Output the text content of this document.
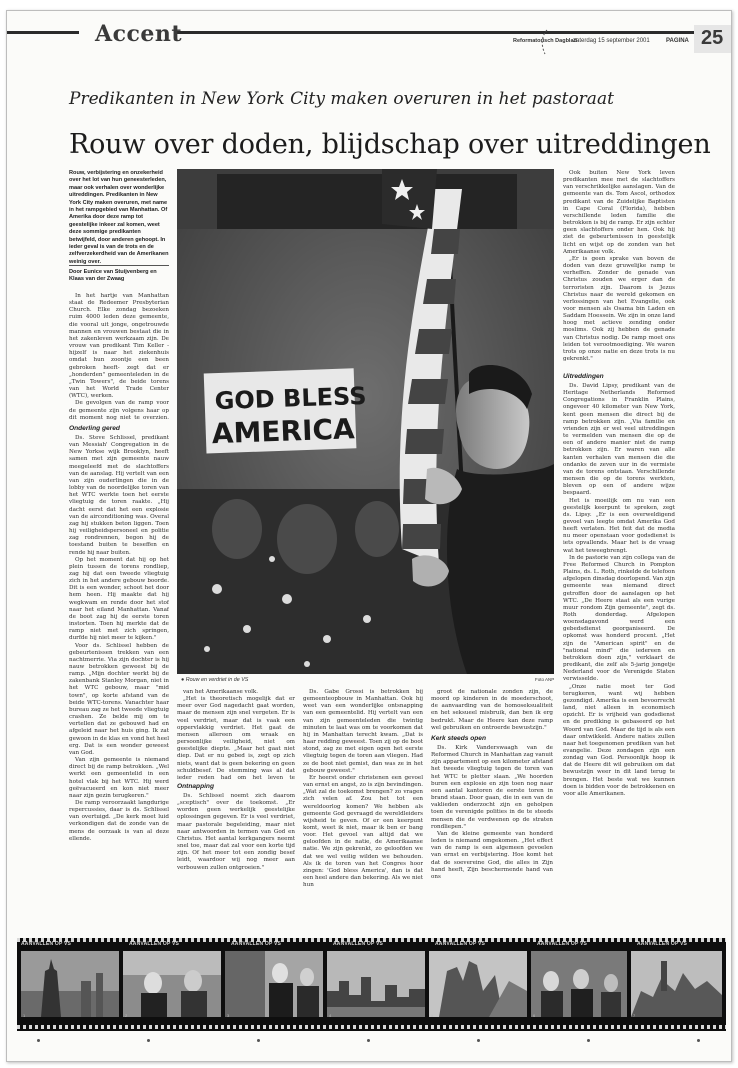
Accent	Reformatorisch Dagblad
zaterdag 15 september 2001	PAGINA 25
Predikanten in New York City maken overuren in het pastoraat
Rouw over doden, blijdschap over uitreddingen
Rouw, verbijstering en onzekerheid over het lot van hun geneesterleden, maar ook verhalen over wonderlijke uitreddingen. Predikanten in New York City maken overuren, met name in het rampgebied van Manhattan. Of Amerika door deze ramp tot geestelijke inkeer zal komen, weet deze sommige predikanten betwijfeld, door anderen gehoopt. In ieder geval is van de trots en de zelfverzekerdheid van de Amerikanen weinig over.
Door Eunice van Stuijvenberg en Klaas van der Zwaag

In het hartje van Manhattan staat de Redeemer Presbyterian Church. Elke zondag bezoeken ruim 4000 leden deze gemeente, die vooral uit jonge, ongetrouwde mannen en vrouwen bestaat die in het zakenleven werkzaam zijn. De vrouw van predikant Tim Keller -hijzelf is naar het ziekenhuis omdat hun zoontje een been gebroken heeft- zegt dat er „honderden" gemeenteleden in de „Twin Towers", de beide torens van het World Trade Center (WTC), werken.

De gevolgen van de ramp voor de gemeente zijn volgens haar op dit moment nog niet te overzien.

Onderling gered

Ds. Steve Schlissel, predikant van Messiah' Congregation in de New Yorkse wijk Brooklyn, heeft samen met zijn gemeente nauw meegeleefd met de slachtoffers van de aanslag. Hij vertelt van een van zijn ouderlingen die in de lobby van de noordelijke toren van het WTC werkte toen het eerste vliegtuig de toren raakte. „Hij dacht eerst dat het een explosie van de airconditioning was. Overal zag hij stukken beton liggen. Toen hij veiligheidspersoneel en politie zag rondrennen, begon hij de toestand buiten te beseffen en rende hij naar buiten.

Op het moment dat hij op het plein tussen de torens rondliep, zag hij dat een tweede vliegtuig zich in het andere gebouw boorde. Dit is een wonder, schoot het door hem heen. Hij maakte dat hij wegkwam en rende door het stof naar het eiland Manhattan. Vanaf de boot zag hij de eerste toren instorten. Toen hij merkte dat de ramp niet met zich springen, durfde hij niet meer te kijken."

Voor ds. Schlissel hebben de gebeurtenissen trekken van een nachtmerrie. Via zijn dochter is hij nauw betrokken geweest bij de ramp. „Mijn dochter werkt bij de zakenbank Stanley Morgan, niet in het WTC gebouw, maar "mid town", op korte afstand van de beide WTC-torens. Vanachter haar bureau zag ze het tweede vliegtuig crashen. Ze belde mij om te vertellen dat ze gebouwd had en afgeleid naar het huis ging. Ik zat gewoon in de klas en vond het heel erg. Dat is een wonder geweest van God.

Van zijn gemeente is niemand direct bij de ramp betrokken. „Wel werkt een gemeentelid in een hotel vlak bij het WTC. Hij werd geëvacueerd en kon niet meer naar zijn gezin terugkeren."

De ramp veroorzaakt langdurige repercussies, daar is ds. Schlissel van overtuigd. „De kerk moet luid verkondigen dat de zonde van de mens de oorzaak is van al deze ellende.

GOD BLESS
AMERICA
● Rouw en verdriet in de VS	Foto ANP

van het Amerikaanse volk.

„Het is theoretisch mogelijk dat er meer over God nagedacht gaat worden, maar de mensen zijn snel vergeten. Er is veel verdriet, maar dat is vaak een oppervlakkig verdriet. Het gaat de mensen allereen om wraak en persoonlijke veiligheid, niet om geestelijke diepte. „Maar het gaat niet diep. Dat er nu gebed is, zegt op zich niets, want dat is geen bekering en geen schuldbesef. De stemming was al dat ieder reden had om het leven te

Ontnapping

Ds. Schlissel noemt zich daarom „sceptisch" over de toekomst. „Er worden geen werkelijk geestelijke oplossingen gegeven. Er is veel verdriet, maar pastorale begeleiding, maar niet naar antwoorden in termen van God en Christus. Het aantal kerkgangers neemt snel toe, maar dat zal voor een korte tijd zijn. Of het meer tot een zondig besef leidt, waardoor wij nog meer aan verbouwen zullen ontgroeien."

Ds. Gabe Grossi is betrokken bij gemeenteopbouw in Manhattan. Ook hij weet van een wonderlijke ontsnapping van een gemeentelid. Hij vertelt van een van zijn gemeenteleden die twintig minuten te laat was om te voorkomen dat hij in Manhattan terecht kwam. „Dat is haar redding geweest. Toen zij op de boot stond, zag ze met eigen ogen het eerste vliegtuig tegen de toren aan vliegen. Had ze de boot niet gemist, dan was ze in het gebouw geweest."

Er heerst onder christenen een gevoel van ernst en angst, zo is zijn bevindingen. „Wat zal de toekomst brengen? zo vragen zich velen af. Zou het tot een wereldoorlog komen? We hebben als gemeente God gevraagd de wereldleiders wijsheid te geven. Of er een keerpunt komt, weet ik niet, maar ik ben er bang voor. Het gevoel van altijd dat we geloofden in de natie, de Amerikaanse natie. We zijn gekrenkt, zo geloofden we dat we wel veilig wilden we behouden. Als ik de toren van het Congres hoor zingen: 'God bless America', dan is dat een heel andere dan bekering. Als we niet hun

groot de nationale zonden zijn, de moord op kinderen in de moederschoot, de aanvaarding van de homoseksualiteit en het seksueel misbruik, dan ben ik erg bedrukt. Maar de Heere kan deze ramp wel gebruiken en ontroerde bewustzijn."

Kerk steeds open

Ds. Kirk Vanderswaagh van de Reformed Church in Manhattan zag vanuit zijn appartement op een kilometer afstand het tweede vliegtuig tegen de toren van het WTC te pletter slaan. „We hoorden buren een explosie en zijn toen nog naar een aantal kantoren de eerste toren in brand staan. Door gaan, die in een van de vaklieden onderzocht zijn en geholpen toen de verenigde polities in de te steeds mensen die de verdwenen op de straten rondliepen."

Van de kleine gemeente van honderd leden is niemand omgekomen. „Het effect van de ramp is een algemeen gevoelen van ernst en verbijstering. Hoe komt het dat de soevereine God, die alles in Zijn hand heeft, Zijn beschermende hand van ons

Ook buiten New York leven predikanten mee met de slachtoffers van verschrikkelijke aanslagen. Van de gemeente van ds. Tom Ascol, orthodox predikant van de Zuidelijke Baptisten in Cape Coral (Florida), hebben verschillende leden familie die betrokken is bij de ramp. Er zijn echter geen slachtoffers onder hen. Ook hij ziet de gebeurtenissen in geestelijk licht en wijst op de zonden van het Amerikaanse volk.

„Er is geen sprake van boven de doden van deze gruwelijke ramp te verheffen. Zonder de genade van Christus zouden we erger dan de terroristen zijn. Daarom is Jezus Christus naar de wereld gekomen en verlossingen van het Evangelie, ook voor mensen als Osama bin Laden en Saddam Hoessein. We zijn in onze land hoog met actieve zending onder moslims. Ook zij hebben de genade van Christus nodig. De ramp moet ons leiden tot verootmoediging. We waren trots op onze natie en deze trots is nu gekrenkt."

Uitreddingen

Ds. David Lipsy, predikant van de Heritage Netherlands Reformed Congregations in Franklin Plains, ongeveer 40 kilometer van New York, kent geen mensen die direct bij de ramp betrokken zijn. „Via familie en vrienden zijn er wel veel uitreddingen te vermelden van mensen die op de een of andere manier niet de ramp betrokken zijn. Er waren van alle kanten verhalen van mensen die die ondanks de zeven uur in de vermiste van de torens ontstaan. Verschillende mensen die op de torens werkten, bleven op een of andere wijze bespaard.

Het is moeilijk om nu van een geestelijk keerpunt te spreken, zegt ds. Lipsy. „Er is een overweldigend gevoel van leegte omdat Amerika God heeft verlaten. Het feit dat de media nu meer openstaan voor godsdienst is iets opvallends. Maar het is de vraag wat het teweegbrengt.

In de pastorie van zijn collega van de Free Reformed Church in Pompton Plains, ds. L. Roth, rinkelde de telefoon afgelopen dinsdag doorlopend. Van zijn gemeente was niemand direct getroffen door de aanslagen op het WTC. „De Heere staat als een vurige muur rondom Zijn gemeente", zegt ds. Roth donderdag. Afgelopen woensdagavond werd een gebedsdienst georganiseerd. De opkomst was honderd procent. „Het zijn de "American spirit" en de "national mind" die iedereen en betrokken doen zijn," verklaart de predikant, die zelf als 5-jarig jongetje Nederland voor de Verenigde Staten verwisselde.

„Onze natie moet ter God terugkeren, want wij hebben gezondigd. Amerika is een bevoorrecht land, niet alleen in economisch opzicht. Er is vrijheid van godsdienst en de prediking is gebaseerd op het Woord van God. Maar de tijd is als een daar ontwikkeld. Andere naties zullen naar het toegenomen prediken van het evangelie. Deze zondagen zijn een zondag van God. Persoonlijk hoop ik dat de Heere dit wil gebruiken om dat bewustzijn weer in dit land terug te brengen. Het beste wat we kunnen doen is bidden voor de betrokkenen en voor alle Amerikanen.

AANVALLEN OP VS	AANVALLEN OP VS	AANVALLEN OP VS	AANVALLEN OP VS	AANVALLEN OP VS	AANVALLEN OP VS	AANVALLEN OP VS
1	2	3	4	5	6	7
